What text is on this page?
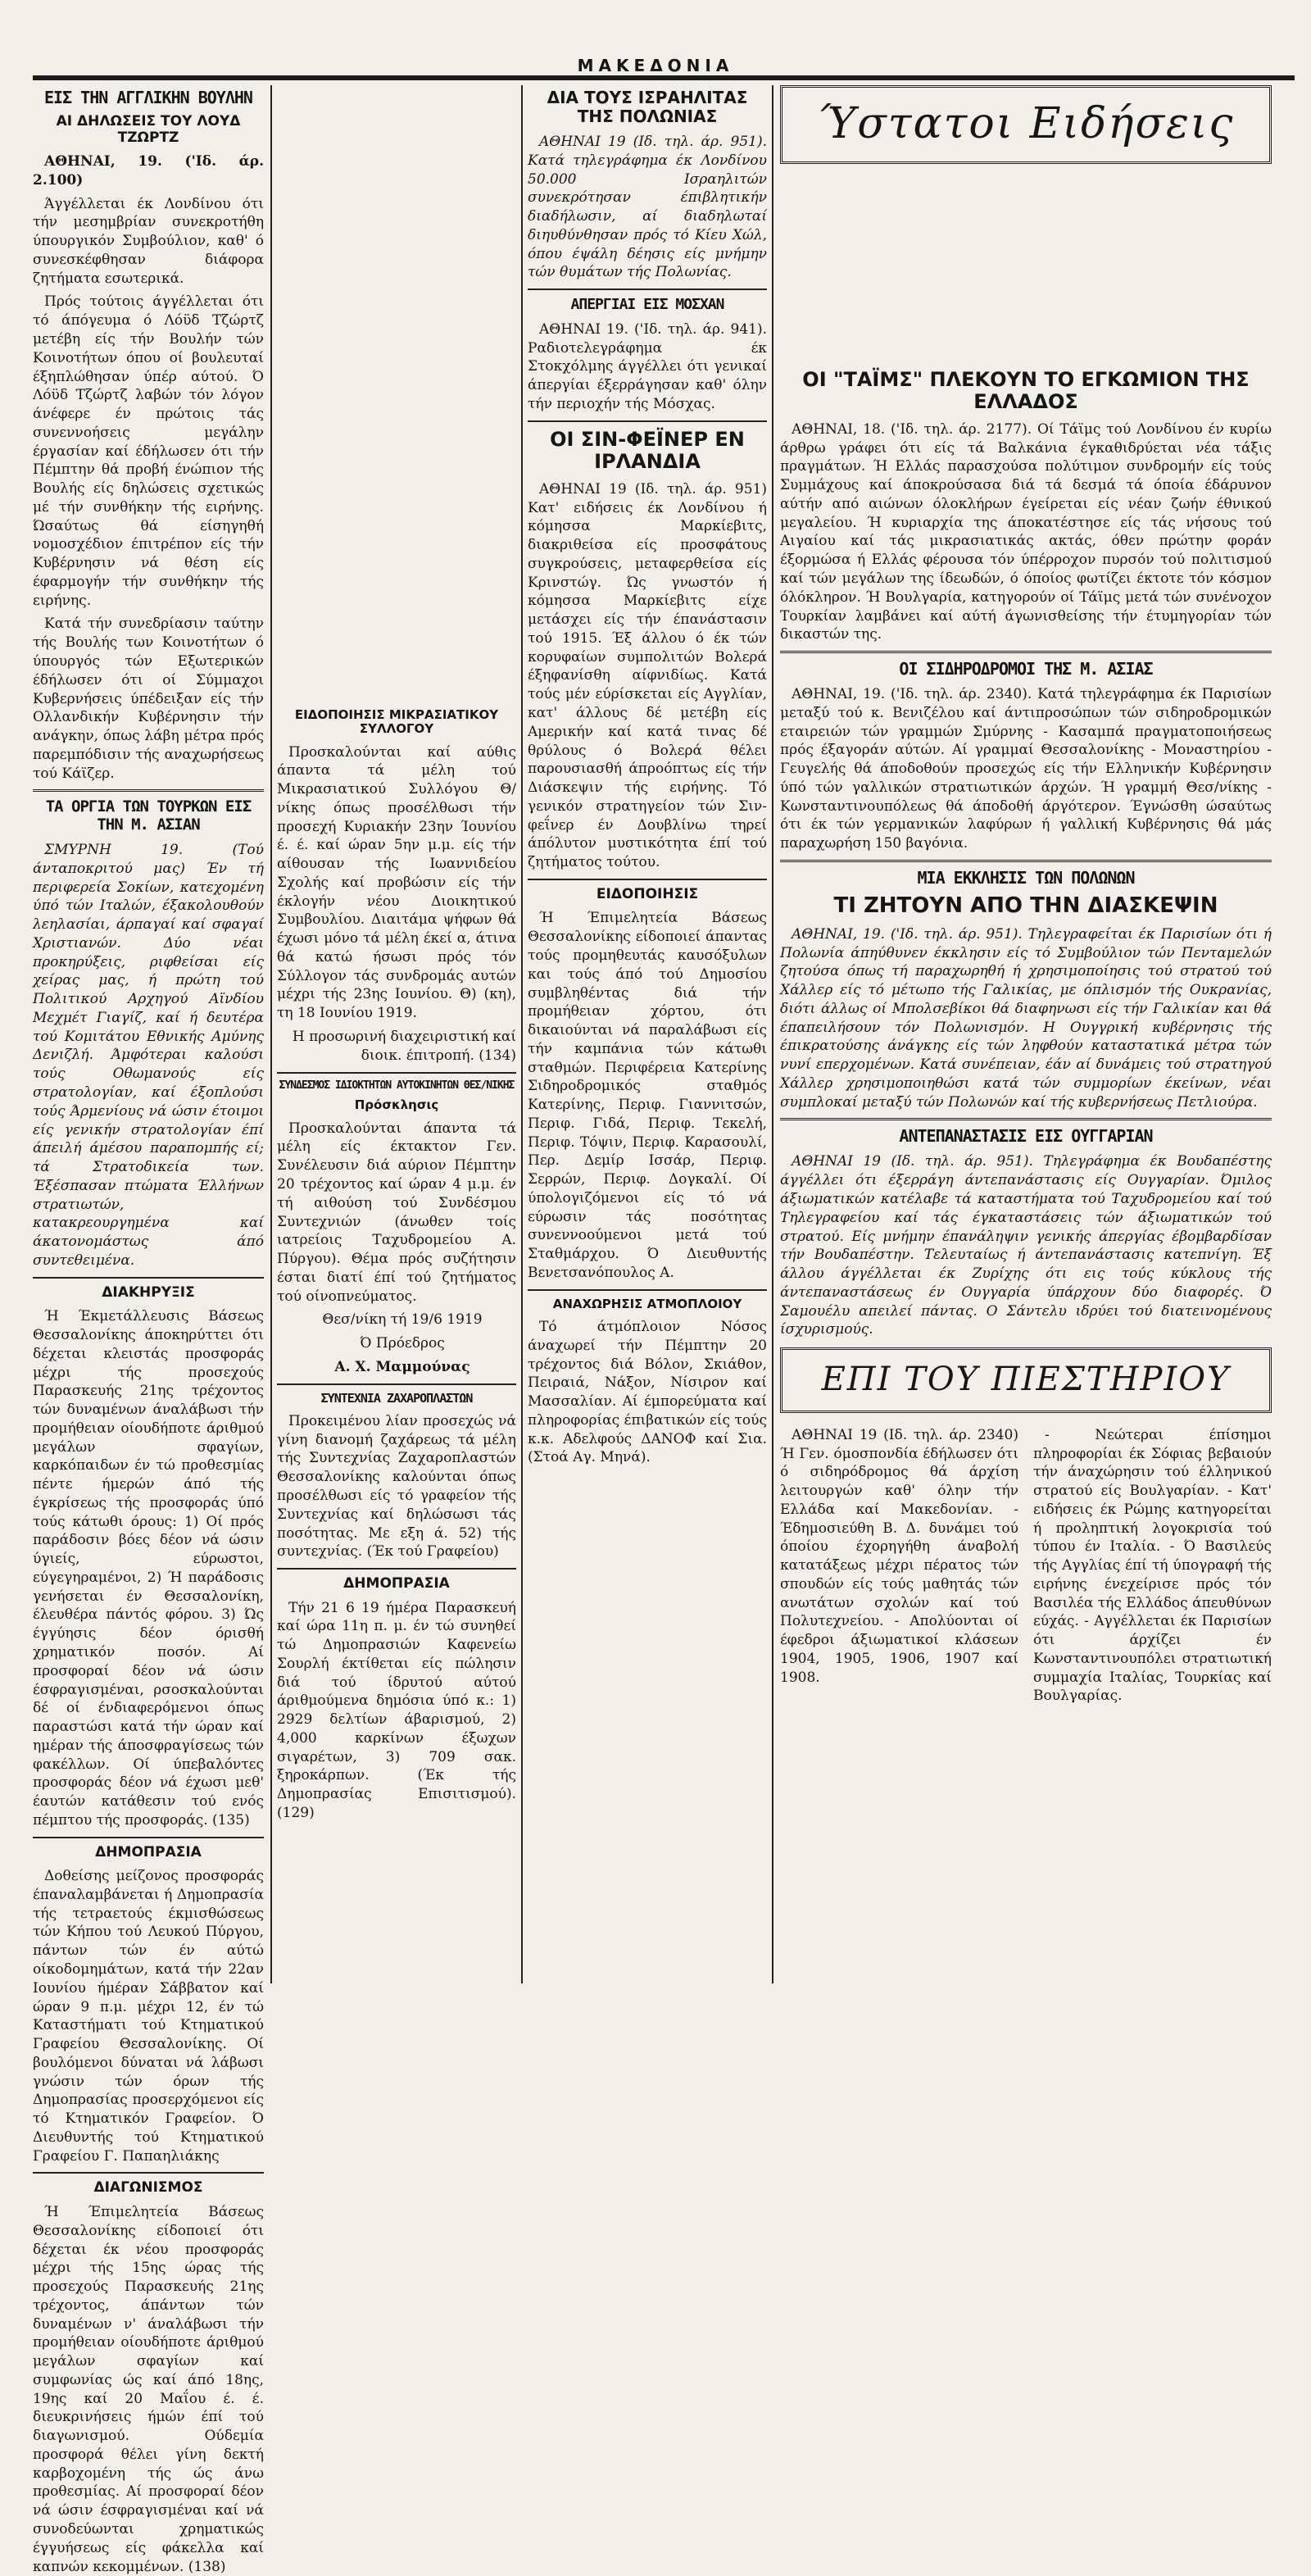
ΜΑΚΕΔΟΝΙΑ
ΕΙΣ ΤΗΝ ΑΓΓΛΙΚΗΝ ΒΟΥΛΗΝ
ΑΙ ΔΗΛΩΣΕΙΣ ΤΟΥ ΛΟΥΔ ΤΖΩΡΤΖ

ΑΘΗΝΑΙ, 19. ('Ιδ. άρ. 2.100)

Άγγέλλεται έκ Λονδίνου ότι τήν μεσημβρίαν συνεκροτήθη ύπουργικόν Συμβούλιον, καθ' ό συνεσκέφθησαν διάφορα ζητήματα εσωτερικά.

Πρός τούτοις άγγέλλεται ότι τό άπόγευμα ό Λόϋδ Τζώρτζ μετέβη είς τήν Βουλήν τών Κοινοτήτων όπου οί βουλευταί έξηπλώθησαν ύπέρ αύτού. Ό Λόϋδ Τζώρτζ λαβών τόν λόγον άνέφερε έν πρώτοις τάς συνεννοήσεις μεγάλην έργασίαν καί έδήλωσεν ότι τήν Πέμπτην θά προβή ένώπιον τής Βουλής είς δηλώσεις σχετικώς μέ τήν συνθήκην τής ειρήνης. Ώσαύτως θά είσηγηθή νομοσχέδιον έπιτρέπον είς τήν Κυβέρνησιν νά θέση είς έφαρμογήν τήν συνθήκην τής ειρήνης.

Κατά τήν συνεδρίασιν ταύτην τής Βουλής των Κοινοτήτων ό ύπουργός τών Εξωτερικών έδήλωσεν ότι οί Σύμμαχοι Κυβερνήσεις ύπέδειξαν είς τήν Ολλανδικήν Κυβέρνησιν τήν ανάγκην, όπως λάβη μέτρα πρός παρεμπόδισιν τής αναχωρήσεως τού Κάϊζερ.

ΤΑ ΟΡΓΙΑ ΤΩΝ ΤΟΥΡΚΩΝ ΕΙΣ ΤΗΝ Μ. ΑΣΙΑΝ

ΣΜΥΡΝΗ 19. (Τού άνταποκριτού μας) Έν τή περιφερεία Σοκίων, κατεχομένη ύπό τών Ιταλών, έξακολουθούν λεηλασίαι, άρπαγαί καί σφαγαί Χριστιανών. Δύο νέαι προκηρύξεις, ριφθείσαι είς χείρας μας, ή πρώτη τού Πολιτικού Αρχηγού Αϊνδίου Μεχμέτ Γιαγίζ, καί ή δευτέρα τού Κομιτάτου Εθνικής Αμύνης Δενιζλή. Άμφότεραι καλούσι τούς Οθωμανούς είς στρατολογίαν, καί έξοπλούσι τούς Άρμενίους νά ώσιν έτοιμοι είς γενικήν στρατολογίαν έπί άπειλή άμέσου παραπομπής εί; τά Στρατοδικεία των. Έξέσπασαν πτώματα Έλλήνων στρατιωτών, κατακρεουργημένα καί άκατονομάστως άπό συντεθειμένα.

ΔΙΑΚΗΡΥΞΙΣ

Ή Έκμετάλλευσις Βάσεως Θεσσαλονίκης άποκηρύττει ότι δέχεται κλειστάς προσφοράς μέχρι τής προσεχούς Παρασκευής 21ης τρέχοντος τών δυναμένων άναλάβωσι τήν προμήθειαν οίουδήποτε άριθμού μεγάλων σφαγίων, καρκόπαιδων έν τώ προθεσμίας πέντε ήμερών άπό τής έγκρίσεως τής προσφοράς ύπό τούς κάτωθι όρους: 1) Οί πρός παράδοσιν βόες δέον νά ώσιν ύγιείς, εύρωστοι, εύγεγηραμένοι, 2) Ή παράδοσις γενήσεται έν Θεσσαλονίκη, έλευθέρα πάντός φόρου. 3) Ώς έγγύησις δέον όρισθή χρηματικόν ποσόν. Αί προσφοραί δέον νά ώσιν έσφραγισμέναι, ρσοσκαλούνται δέ οί ένδιαφερόμενοι όπως παραστώσι κατά τήν ώραν καί ημέραν τής άποσφραγίσεως τών φακέλλων. Οί ύπεβαλόντες προσφοράς δέον νά έχωσι μεθ' έαυτών κατάθεσιν τού ενός πέμπτου τής προσφοράς. (135)

ΔΗΜΟΠΡΑΣΙΑ

Δοθείσης μείζονος προσφοράς έπαναλαμβάνεται ή Δημοπρασία τής τετραετούς έκμισθώσεως τών Κήπου τού Λευκού Πύργου, πάντων τών έν αύτώ οίκοδομημάτων, κατά τήν 22αν Ιουνίου ήμέραν Σάββατον καί ώραν 9 π.μ. μέχρι 12, έν τώ Καταστήματι τού Κτηματικού Γραφείου Θεσσαλονίκης. Οί βουλόμενοι δύναται νά λάβωσι γνώσιν τών όρων τής Δημοπρασίας προσερχόμενοι είς τό Κτηματικόν Γραφείον. Ό Διευθυντής τού Κτηματικού Γραφείου Γ. Παπαηλιάκης

ΔΙΑΓΩΝΙΣΜΟΣ

Ή Έπιμελητεία Βάσεως Θεσσαλονίκης είδοποιεί ότι δέχεται έκ νέου προσφοράς μέχρι τής 15ης ώρας τής προσεχούς Παρασκευής 21ης τρέχοντος, άπάντων τών δυναμένων ν' άναλάβωσι τήν προμήθειαν οίουδήποτε άριθμού μεγάλων σφαγίων καί συμφωνίας ώς καί άπό 18ης, 19ης καί 20 Μαΐου έ. έ. διευκρινήσεις ήμών έπί τού διαγωνισμού. Ούδεμία προσφορά θέλει γίνη δεκτή καρβοχομένη τής ώς άνω προθεσμίας. Αί προσφοραί δέον νά ώσιν έσφραγισμέναι καί νά συνοδεύωνται χρηματικώς έγγυήσεως είς φάκελλα καί καπνών κεκομμένων. (138)

ΕΙΔΟΠΟΙΗΣΙΣ ΜΙΚΡΑΣΙΑΤΙΚΟΥ ΣΥΛΛΟΓΟΥ

Προσκαλούνται καί αύθις άπαντα τά μέλη τού Μικρασιατικού Συλλόγου Θ/νίκης όπως προσέλθωσι τήν προσεχή Κυριακήν 23ην Ίουνίου έ. έ. καί ώραν 5ην μ.μ. είς τήν αίθουσαν τής Ιωαννιδείου Σχολής καί προβώσιν είς τήν έκλογήν νέου Διοικητικού Συμβουλίου. Διαιτάμα ψήφων θά έχωσι μόνο τά μέλη έκεί α, άτινα θά κατώ ήσωσι πρός τόν Σύλλογον τάς συνδρομάς αυτών μέχρι τής 23ης Ιουνίου. Θ) (κη), τη 18 Ιουνίου 1919.

Η προσωρινή διαχειριστική καί διοικ. έπιτροπή. (134)

ΣΥΝΔΕΣΜΟΣ ΙΔΙΟΚΤΗΤΩΝ ΑΥΤΟΚΙΝΗΤΩΝ ΘΕΣ/ΝΙΚΗΣ
Πρόσκλησις

Προσκαλούνται άπαντα τά μέλη είς έκτακτον Γεν. Συνέλευσιν διά αύριον Πέμπτην 20 τρέχοντος καί ώραν 4 μ.μ. έν τή αιθούση τού Συνδέσμου Συντεχνιών (άνωθεν τοίς ιατρείοις Ταχυδρομείου Α. Πύργου). Θέμα πρός συζήτησιν έσται διατί έπί τού ζητήματος τού οίνοπνεύματος.

Θεσ/νίκη τή 19/6 1919

Ό Πρόεδρος

Α. Χ. Μαμμούνας

ΣΥΝΤΕΧΝΙΑ ΖΑΧΑΡΟΠΛΑΣΤΩΝ

Προκειμένου λίαν προσεχώς νά γίνη διανομή ζαχάρεως τά μέλη τής Συντεχνίας Ζαχαροπλαστών Θεσσαλονίκης καλούνται όπως προσέλθωσι είς τό γραφείον τής Συντεχνίας καί δηλώσωσι τάς ποσότητας. Με εξη ά. 52) τής συντεχνίας. (Έκ τού Γραφείου)

ΔΗΜΟΠΡΑΣΙΑ

Τήν 21 6 19 ήμέρα Παρασκευή καί ώρα 11η π. μ. έν τώ συνηθεί τώ Δημοπρασιών Καφενείω Σουρλή έκτίθεται είς πώλησιν διά τού ίδρυτού αύτού άριθμούμενα δημόσια ύπό κ.: 1) 2929 δελτίων άβαρισμού, 2) 4,000 καρκίνων έξωχων σιγαρέτων, 3) 709 σακ. ξηροκάρπων. (Έκ τής Δημοπρασίας Επισιτισμού). (129)

ΔΙΑ ΤΟΥΣ ΙΣΡΑΗΛΙΤΑΣ ΤΗΣ ΠΟΛΩΝΙΑΣ

ΑΘΗΝΑΙ 19 (Ιδ. τηλ. άρ. 951). Κατά τηλεγράφημα έκ Λονδίνου 50.000 Ισραηλιτών συνεκρότησαν έπιβλητικήν διαδήλωσιν, αί διαδηλωταί διηυθύνθησαν πρός τό Κίευ Χώλ, όπου έψάλη δέησις είς μνήμην τών θυμάτων τής Πολωνίας.

ΑΠΕΡΓΙΑΙ ΕΙΣ ΜΟΣΧΑΝ

ΑΘΗΝΑΙ 19. ('Ιδ. τηλ. άρ. 941). Ραδιοτελεγράφημα έκ Στοκχόλμης άγγέλλει ότι γενικαί άπεργίαι έξερράγησαν καθ' όλην τήν περιοχήν τής Μόσχας.

ΟΙ ΣΙΝ-ΦΕΪΝΕΡ ΕΝ ΙΡΛΑΝΔΙΑ

ΑΘΗΝΑΙ 19 (Ιδ. τηλ. άρ. 951) Κατ' ειδήσεις έκ Λονδίνου ή κόμησσα Μαρκίεβιτς, διακριθείσα είς προσφάτους συγκρούσεις, μεταφερθείσα είς Κρινστώγ. Ώς γνωστόν ή κόμησσα Μαρκίεβιτς είχε μετάσχει είς τήν έπανάστασιν τού 1915. Έξ άλλου ό έκ τών κορυφαίων συμπολιτών Βολερά έξηφανίσθη αίφνιδίως. Κατά τούς μέν εύρίσκεται είς Αγγλίαν, κατ' άλλους δέ μετέβη είς Αμερικήν καί κατά τινας δέ θρύλους ό Βολερά θέλει παρουσιασθή άπροόπτως είς τήν Διάσκεψιν τής ειρήνης. Τό γενικόν στρατηγείον τών Σιν-φεΐνερ έν Δουβλίνω τηρεί άπόλυτον μυστικότητα έπί τού ζητήματος τούτου.

ΕΙΔΟΠΟΙΗΣΙΣ

Ή Έπιμελητεία Βάσεως Θεσσαλονίκης είδοποιεί άπαντας τούς προμηθευτάς καυσόξυλων και τούς άπό τού Δημοσίου συμβληθέντας διά τήν προμήθειαν χόρτου, ότι δικαιούνται νά παραλάβωσι είς τήν καμπάνια τών κάτωθι σταθμών. Περιφέρεια Κατερίνης Σιδηροδρομικός σταθμός Κατερίνης, Περιφ. Γιαννιτσών, Περιφ. Γιδά, Περιφ. Τεκελή, Περιφ. Τόψιν, Περιφ. Καρασουλί, Περ. Δεμίρ Ισσάρ, Περιφ. Σερρών, Περιφ. Δογκαλί. Οί ύπολογιζόμενοι είς τό νά εύρωσιν τάς ποσότητας συνεννοούμενοι μετά τού Σταθμάρχου. Ό Διευθυντής Βενετσανόπουλος Α.

ΑΝΑΧΩΡΗΣΙΣ ΑΤΜΟΠΛΟΙΟΥ

Τό άτμόπλοιον Νόσος άναχωρεί τήν Πέμπτην 20 τρέχοντος διά Βόλον, Σκιάθον, Πειραιά, Νάξον, Νίσιρον καί Μασσαλίαν. Αί έμπορεύματα καί πληροφορίας έπιβατικών είς τούς κ.κ. Αδελφούς ΔΑΝΟΦ καί Σια. (Στοά Αγ. Μηνά).

Ύστατοι Ειδήσεις
ΟΙ "ΤΑΪΜΣ" ΠΛΕΚΟΥΝ ΤΟ ΕΓΚΩΜΙΟΝ ΤΗΣ ΕΛΛΑΔΟΣ

ΑΘΗΝΑΙ, 18. ('Ιδ. τηλ. άρ. 2177). Οί Τάϊμς τού Λονδίνου έν κυρίω άρθρω γράφει ότι είς τά Βαλκάνια έγκαθιδρύεται νέα τάξις πραγμάτων. Ή Ελλάς παρασχούσα πολύτιμον συνδρομήν είς τούς Συμμάχους καί άποκρούσασα διά τά δεσμά τά όποία έδάρυνον αύτήν από αιώνων όλοκλήρων έγείρεται είς νέαν ζωήν έθνικού μεγαλείου. Ή κυριαρχία της άποκατέστησε είς τάς νήσους τού Αιγαίου καί τάς μικρασιατικάς ακτάς, όθεν πρώτην φοράν έξορμώσα ή Ελλάς φέρουσα τόν ύπέρροχον πυρσόν τού πολιτισμού καί τών μεγάλων της ίδεωδών, ό όποίος φωτίζει έκτοτε τόν κόσμον όλόκληρον. Ή Βουλγαρία, κατηγορούν οί Τάϊμς μετά τών συνένοχον Τουρκίαν λαμβάνει καί αύτή άγωνισθείσης τήν έτυμηγορίαν τών δικαστών της.

ΟΙ ΣΙΔΗΡΟΔΡΟΜΟΙ ΤΗΣ Μ. ΑΣΙΑΣ

ΑΘΗΝΑΙ, 19. ('Ιδ. τηλ. άρ. 2340). Κατά τηλεγράφημα έκ Παρισίων μεταξύ τού κ. Βενιζέλου καί άντιπροσώπων τών σιδηροδρομικών εταιρειών τών γραμμών Σμύρνης - Κασαμπά πραγματοποιήσεως πρός έξαγοράν αύτών. Αί γραμμαί Θεσσαλονίκης - Μοναστηρίου - Γευγελής θά άποδοθούν προσεχώς είς τήν Ελληνικήν Κυβέρνησιν ύπό τών γαλλικών στρατιωτικών άρχών. Ή γραμμή Θεσ/νίκης - Κωνσταντινουπόλεως θά άποδοθή άργότερον. Έγνώσθη ώσαύτως ότι έκ τών γερμανικών λαφύρων ή γαλλική Κυβέρνησις θά μάς παραχωρήση 150 βαγόνια.

ΜΙΑ ΕΚΚΛΗΣΙΣ ΤΩΝ ΠΟΛΩΝΩΝ
ΤΙ ΖΗΤΟΥΝ ΑΠΟ ΤΗΝ ΔΙΑΣΚΕΨΙΝ

ΑΘΗΝΑΙ, 19. ('Ιδ. τηλ. άρ. 951). Τηλεγραφείται έκ Παρισίων ότι ή Πολωνία άπηύθυνεν έκκλησιν είς τό Συμβούλιον τών Πενταμελών ζητούσα όπως τή παραχωρηθή ή χρησιμοποίησις τού στρατού τού Χάλλερ είς τό μέτωπο τής Γαλικίας, με όπλισμόν τής Ουκρανίας, διότι άλλως οί Μπολσεβίκοι θά διαφηνωσι είς τήν Γαλικίαν και θά έπαπειλήσουν τόν Πολωνισμόν. Η Ουγγρική κυβέρνησις τής έπικρατούσης άνάγκης είς τών ληφθούν καταστατικά μέτρα τών νυνί επερχομένων. Κατά συνέπειαν, έάν αί δυνάμεις τού στρατηγού Χάλλερ χρησιμοποιηθώσι κατά τών συμμορίων έκείνων, νέαι συμπλοκαί μεταξύ τών Πολωνών καί τής κυβερνήσεως Πετλιούρα.

ΑΝΤΕΠΑΝΑΣΤΑΣΙΣ ΕΙΣ ΟΥΓΓΑΡΙΑΝ

ΑΘΗΝΑΙ 19 (Ιδ. τηλ. άρ. 951). Τηλεγράφημα έκ Βουδαπέστης άγγέλλει ότι έξερράγη άντεπανάστασις είς Ουγγαρίαν. Όμιλος άξιωματικών κατέλαβε τά καταστήματα τού Ταχυδρομείου καί τού Τηλεγραφείου καί τάς έγκαταστάσεις τών άξιωματικών τού στρατού. Είς μνήμην έπανάληψιν γενικής άπεργίας έβομβαρδίσαν τήν Βουδαπέστην. Τελευταίως ή άντεπανάστασις κατεπνίγη. Έξ άλλου άγγέλλεται έκ Ζυρίχης ότι εις τούς κύκλους τής άντεπαναστάσεως έν Ουγγαρία ύπάρχουν δύο διαφορές. Ό Σαμουέλυ απειλεί πάντας. Ο Σάντελυ ιδρύει τού διατεινομένους ίσχυρισμούς.

ΕΠΙ ΤΟΥ ΠΙΕΣΤΗΡΙΟΥ

ΑΘΗΝΑΙ 19 (Ιδ. τηλ. άρ. 2340) Ή Γεν. όμοσπονδία έδήλωσεν ότι ό σιδηρόδρομος θά άρχίση λειτουργών καθ' όλην τήν Ελλάδα καί Μακεδονίαν. - Έδημοσιεύθη Β. Δ. δυνάμει τού όποίου έχορηγήθη άναβολή κατατάξεως μέχρι πέρατος τών σπουδών είς τούς μαθητάς τών ανωτάτων σχολών καί τού Πολυτεχνείου. - Απολύονται οί έφεδροι άξιωματικοί κλάσεων 1904, 1905, 1906, 1907 καί 1908.

- Νεώτεραι έπίσημοι πληροφορίαι έκ Σόφιας βεβαιούν τήν άναχώρησιν τού έλληνικού στρατού είς Βουλγαρίαν. - Κατ' ειδήσεις έκ Ρώμης κατηγορείται ή προληπτική λογοκρισία τού τύπου έν Ιταλία. - Ό Βασιλεύς τής Αγγλίας έπί τή ύπογραφή τής ειρήνης ένεχείρισε πρός τόν Βασιλέα τής Ελλάδος άπευθύνων εύχάς. - Αγγέλλεται έκ Παρισίων ότι άρχίζει έν Κωνσταντινουπόλει στρατιωτική συμμαχία Ιταλίας, Τουρκίας καί Βουλγαρίας.
